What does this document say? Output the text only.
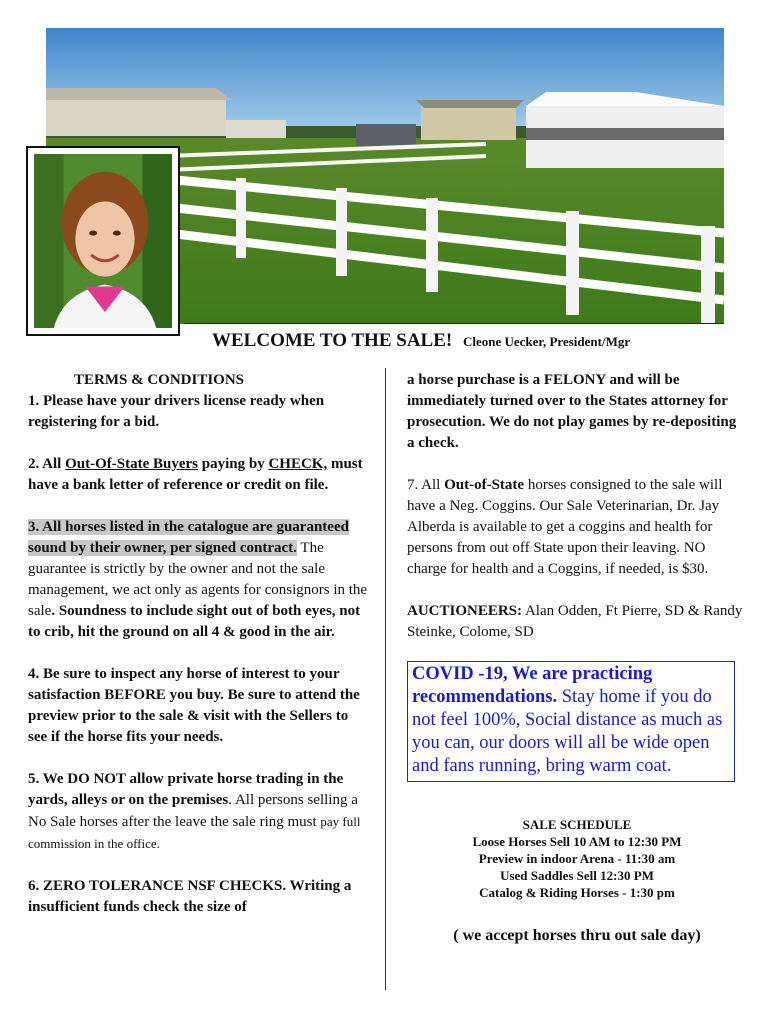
WELCOME TO THE SALE! Cleone Uecker, President/Mgr

TERMS & CONDITIONS

1. Please have your drivers license ready when registering for a bid.

2. All Out-Of-State Buyers paying by CHECK, must have a bank letter of reference or credit on file.

3. All horses listed in the catalogue are guaranteed sound by their owner, per signed contract. The guarantee is strictly by the owner and not the sale management, we act only as agents for consignors in the sale. Soundness to include sight out of both eyes, not to crib, hit the ground on all 4 & good in the air.

4. Be sure to inspect any horse of interest to your satisfaction BEFORE you buy. Be sure to attend the preview prior to the sale & visit with the Sellers to see if the horse fits your needs.

5. We DO NOT allow private horse trading in the yards, alleys or on the premises. All persons selling a No Sale horses after the leave the sale ring must pay full commission in the office.

6. ZERO TOLERANCE NSF CHECKS. Writing a insufficient funds check the size of

a horse purchase is a FELONY and will be immediately turned over to the States attorney for prosecution. We do not play games by re-depositing a check.

7. All Out-of-State horses consigned to the sale will have a Neg. Coggins. Our Sale Veterinarian, Dr. Jay Alberda is available to get a coggins and health for persons from out off State upon their leaving. NO charge for health and a Coggins, if needed, is $30.

AUCTIONEERS: Alan Odden, Ft Pierre, SD & Randy Steinke, Colome, SD

COVID -19, We are practicing recommendations. Stay home if you do not feel 100%, Social distance as much as you can, our doors will all be wide open and fans running, bring warm coat.
SALE SCHEDULE
Loose Horses Sell 10 AM to 12:30 PM
Preview in indoor Arena - 11:30 am
Used Saddles Sell 12:30 PM
Catalog & Riding Horses - 1:30 pm
( we accept horses thru out sale day)
